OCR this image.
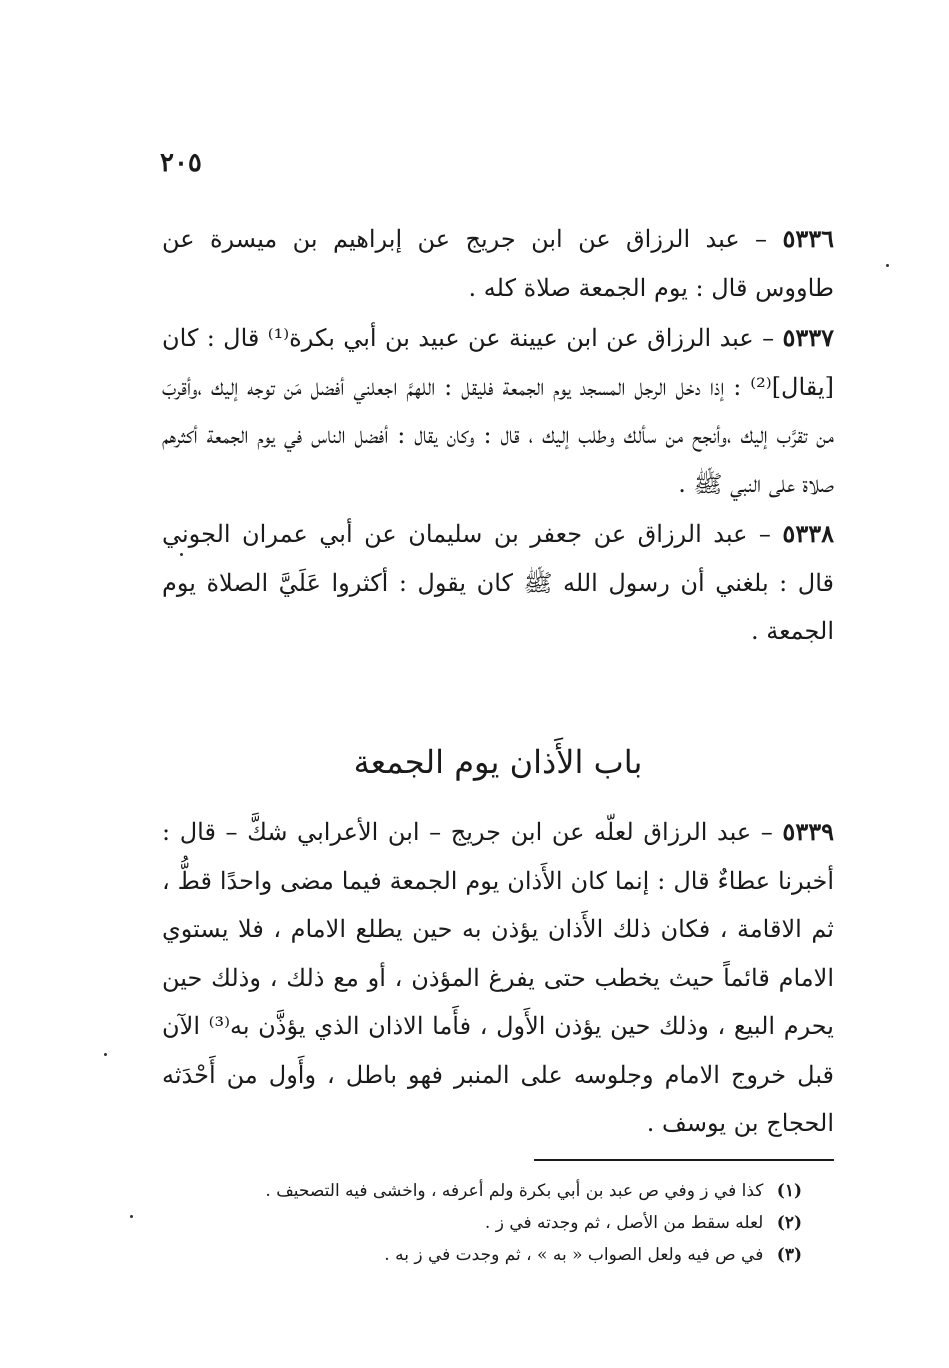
٢٠٥

٥٣٣٦ – عبد الرزاق عن ابن جريج عن إبراهيم بن ميسرة عن طاووس قال : يوم الجمعة صلاة كله .

٥٣٣٧ – عبد الرزاق عن ابن عيينة عن عبيد بن أبي بكرة⁽¹⁾ قال : كان [يقال]⁽²⁾ : إذا دخل الرجل المسجد يوم الجمعة فليقل : اللهمَّ اجعلني أفضل مَن توجه إليك ،وأقربَ من تقرَّب إليك ،وأنجح من سألك وطلب إليك ، قال : وكان يقال : أفضل الناس في يوم الجمعة أكثرهم صلاة على النبي ﷺ .

٥٣٣٨ – عبد الرزاق عن جعفر بن سليمان عن أبي عمران الجوني قال : بلغني أن رسول الله ﷺ كان يقول : أكثروا عَلَيَّ الصلاة يوم الجمعة .

باب الأَذان يوم الجمعة

٥٣٣٩ – عبد الرزاق لعلّه عن ابن جريج – ابن الأعرابي شكَّ – قال : أخبرنا عطاءٌ قال : إنما كان الأَذان يوم الجمعة فيما مضى واحدًا قطُّ ، ثم الاقامة ، فكان ذلك الأَذان يؤذن به حين يطلع الامام ، فلا يستوي الامام قائماً حيث يخطب حتى يفرغ المؤذن ، أو مع ذلك ، وذلك حين يحرم البيع ، وذلك حين يؤذن الأَول ، فأَما الاذان الذي يؤذَّن به⁽³⁾ الآن قبل خروج الامام وجلوسه على المنبر فهو باطل ، وأَول من أَحْدَثه الحجاج بن يوسف .

(١) كذا في ز وفي ص عبد بن أبي بكرة ولم أعرفه ، واخشى فيه التصحيف .
(٢) لعله سقط من الأصل ، ثم وجدته في ز .
(٣) في ص فيه ولعل الصواب « به » ، ثم وجدت في ز به .
